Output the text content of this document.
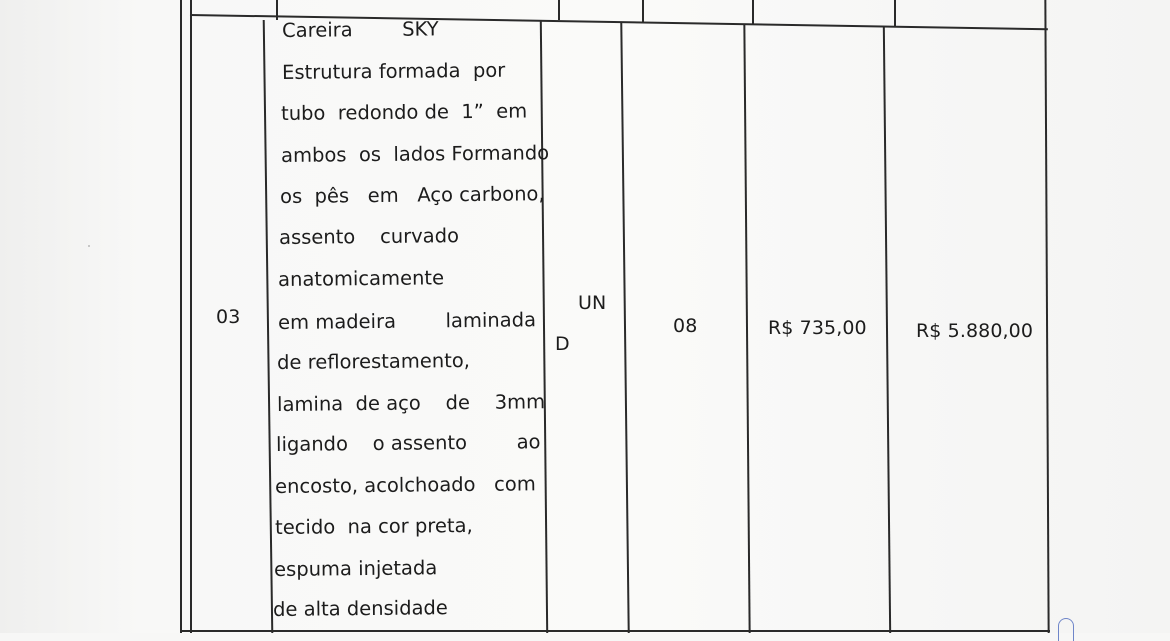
03
Careira        SKY
Estrutura formada  por
tubo  redondo de  1”  em
ambos  os  lados Formando
os  pês   em   Aço carbono,
assento    curvado
anatomicamente
em madeira        laminada
de reflorestamento,
lamina  de aço    de    3mm
ligando    o assento        ao
encosto, acolchoado   com
tecido  na cor preta,
espuma injetada
de alta densidade
UN
D
08	R$ 735,00	R$ 5.880,00
